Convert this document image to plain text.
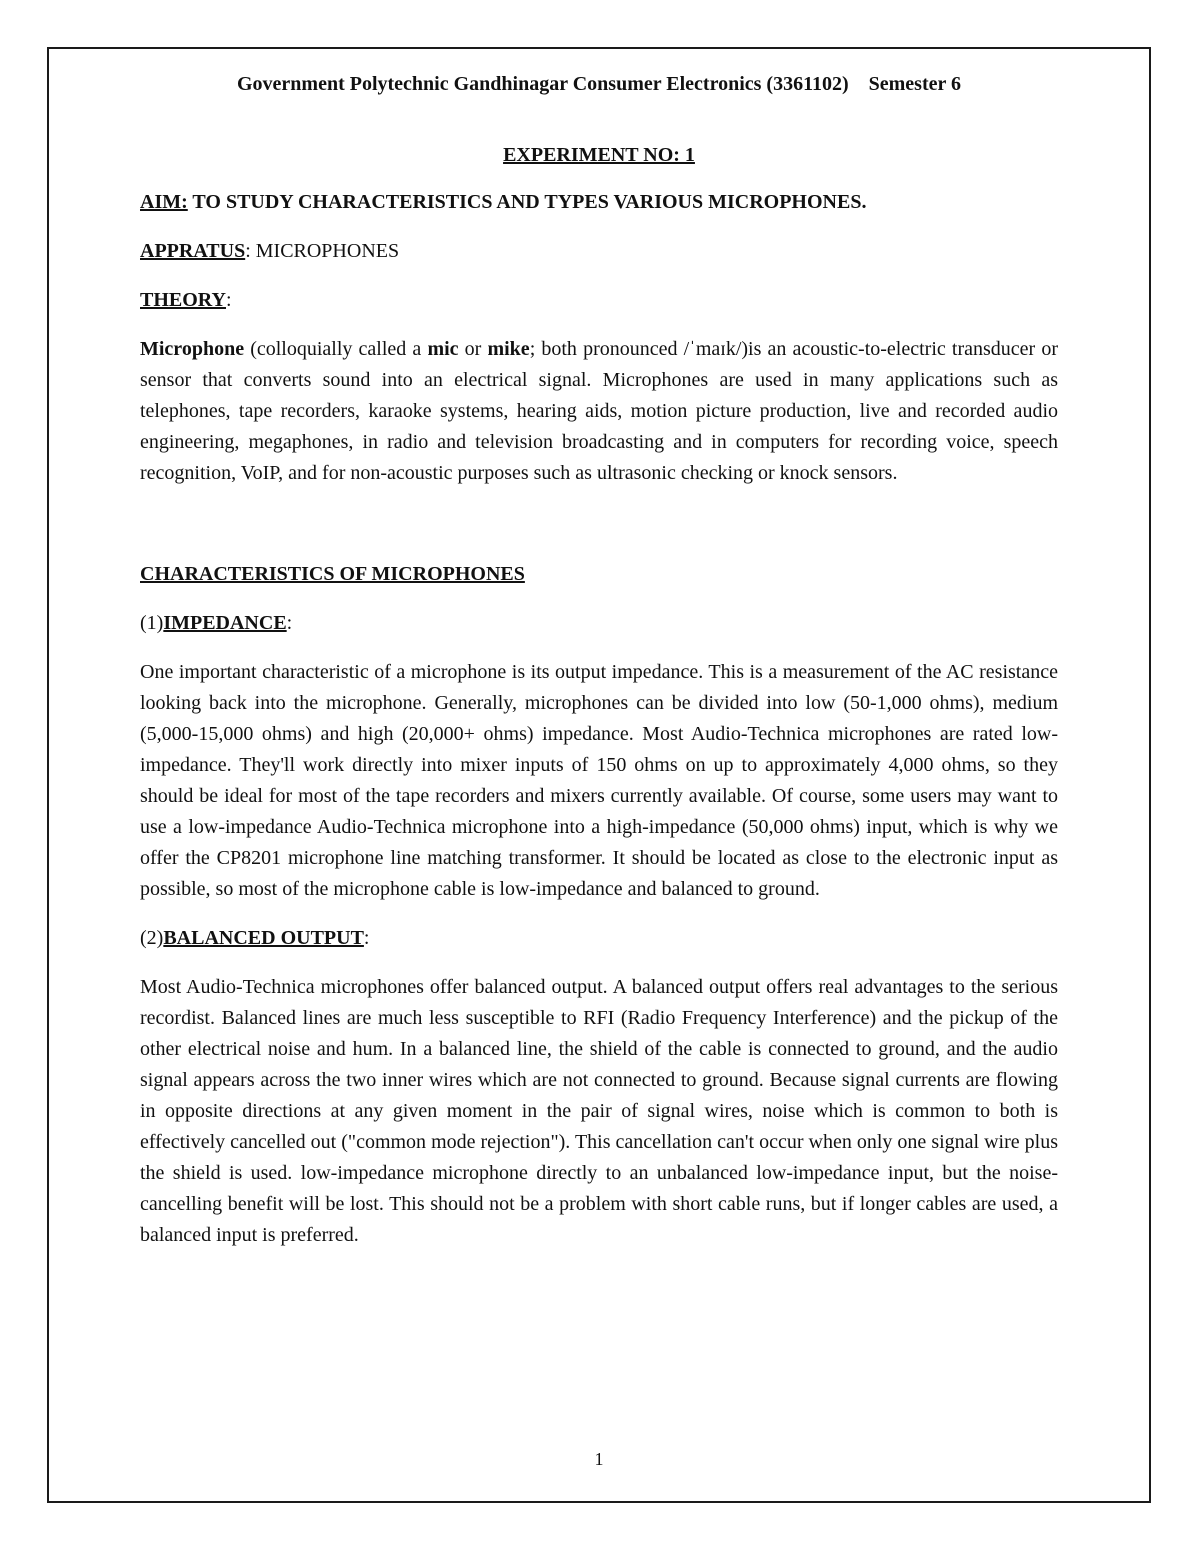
Government Polytechnic Gandhinagar Consumer Electronics (3361102)    Semester 6

EXPERIMENT NO: 1

AIM: TO STUDY CHARACTERISTICS AND TYPES VARIOUS MICROPHONES.

APPRATUS: MICROPHONES

THEORY:

Microphone (colloquially called a mic or mike; both pronounced /ˈmaɪk/)is an acoustic-to-electric transducer or sensor that converts sound into an electrical signal. Microphones are used in many applications such as telephones, tape recorders, karaoke systems, hearing aids, motion picture production, live and recorded audio engineering, megaphones, in radio and television broadcasting and in computers for recording voice, speech recognition, VoIP, and for non-acoustic purposes such as ultrasonic checking or knock sensors.

CHARACTERISTICS OF MICROPHONES

(1)IMPEDANCE:

One important characteristic of a microphone is its output impedance. This is a measurement of the AC resistance looking back into the microphone. Generally, microphones can be divided into low (50-1,000 ohms), medium (5,000-15,000 ohms) and high (20,000+ ohms) impedance. Most Audio-Technica microphones are rated low-impedance. They'll work directly into mixer inputs of 150 ohms on up to approximately 4,000 ohms, so they should be ideal for most of the tape recorders and mixers currently available. Of course, some users may want to use a low-impedance Audio-Technica microphone into a high-impedance (50,000 ohms) input, which is why we offer the CP8201 microphone line matching transformer. It should be located as close to the electronic input as possible, so most of the microphone cable is low-impedance and balanced to ground.

(2)BALANCED OUTPUT:

Most Audio-Technica microphones offer balanced output. A balanced output offers real advantages to the serious recordist. Balanced lines are much less susceptible to RFI (Radio Frequency Interference) and the pickup of the other electrical noise and hum. In a balanced line, the shield of the cable is connected to ground, and the audio signal appears across the two inner wires which are not connected to ground. Because signal currents are flowing in opposite directions at any given moment in the pair of signal wires, noise which is common to both is effectively cancelled out ("common mode rejection"). This cancellation can't occur when only one signal wire plus the shield is used. low-impedance microphone directly to an unbalanced low-impedance input, but the noise-cancelling benefit will be lost. This should not be a problem with short cable runs, but if longer cables are used, a balanced input is preferred.

1
